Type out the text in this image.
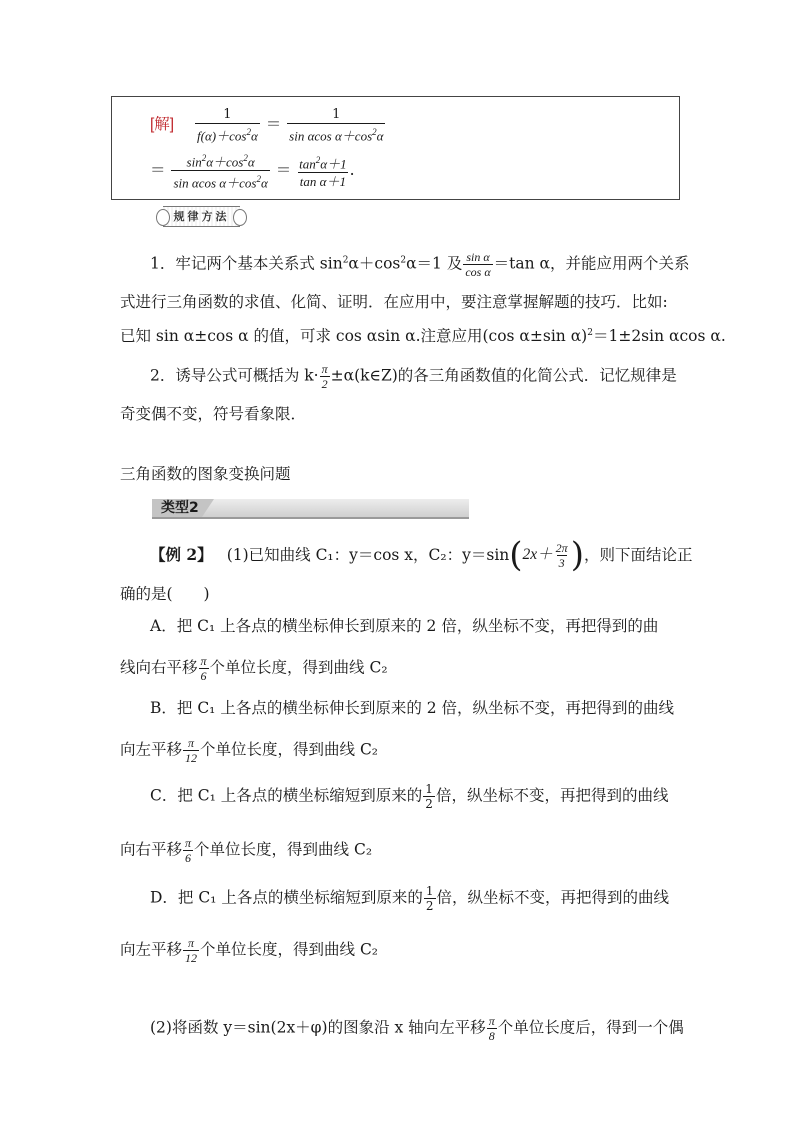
[解] $\frac{1}{f(\alpha)+\cos^2\alpha} = \frac{1}{\sin \alpha\cos \alpha+\cos^2\alpha}$
＝ $\frac{\sin^2\alpha+\cos^2\alpha}{\sin \alpha\cos \alpha+\cos^2\alpha} = \frac{\tan^2\alpha+1}{\text{tan α＋1}}$ .
规律方法
1．牢记两个基本关系式 $\sin^2\alpha+\cos^2\alpha=1$ 及 $\frac{\text{sin α}}{\text{cos α}} =\tan$ α，并能应用两个关系
式进行三角函数的求值、化简、证明．在应用中，要注意掌握解题的技巧．比如:
已知 sin α±cos α 的值，可求 cos αsin α.注意应用(cos α±sin α)$^2$＝1±2sin αcos α.
2．诱导公式可概括为 $k\cdot \frac{\pi}{2}$ ±α(k∈Z)的各三角函数值的化简公式．记忆规律是
奇变偶不变，符号看象限．
三角函数的图象变换问题
类型2
【例 2】 (1)已知曲线 C₁：y＝cos x，C₂：y＝sin ( $2x+ \frac{2\pi}{3}$ ) ，则下面结论正
确的是(　　)
A．把 C₁ 上各点的横坐标伸长到原来的 2 倍，纵坐标不变，再把得到的曲
线向右平移 $\frac{\pi}{6}$ 个单位长度，得到曲线 C₂
B．把 C₁ 上各点的横坐标伸长到原来的 2 倍，纵坐标不变，再把得到的曲线
向左平移 $\frac{\pi}{12}$ 个单位长度，得到曲线 C₂
C．把 C₁ 上各点的横坐标缩短到原来的 $\frac{1}{2}$ 倍，纵坐标不变，再把得到的曲线
向右平移 $\frac{\pi}{6}$ 个单位长度，得到曲线 C₂
D．把 C₁ 上各点的横坐标缩短到原来的 $\frac{1}{2}$ 倍，纵坐标不变，再把得到的曲线
向左平移 $\frac{\pi}{12}$ 个单位长度，得到曲线 C₂
(2)将函数 y＝sin(2x＋φ)的图象沿 x 轴向左平移 $\frac{\pi}{8}$ 个单位长度后，得到一个偶
